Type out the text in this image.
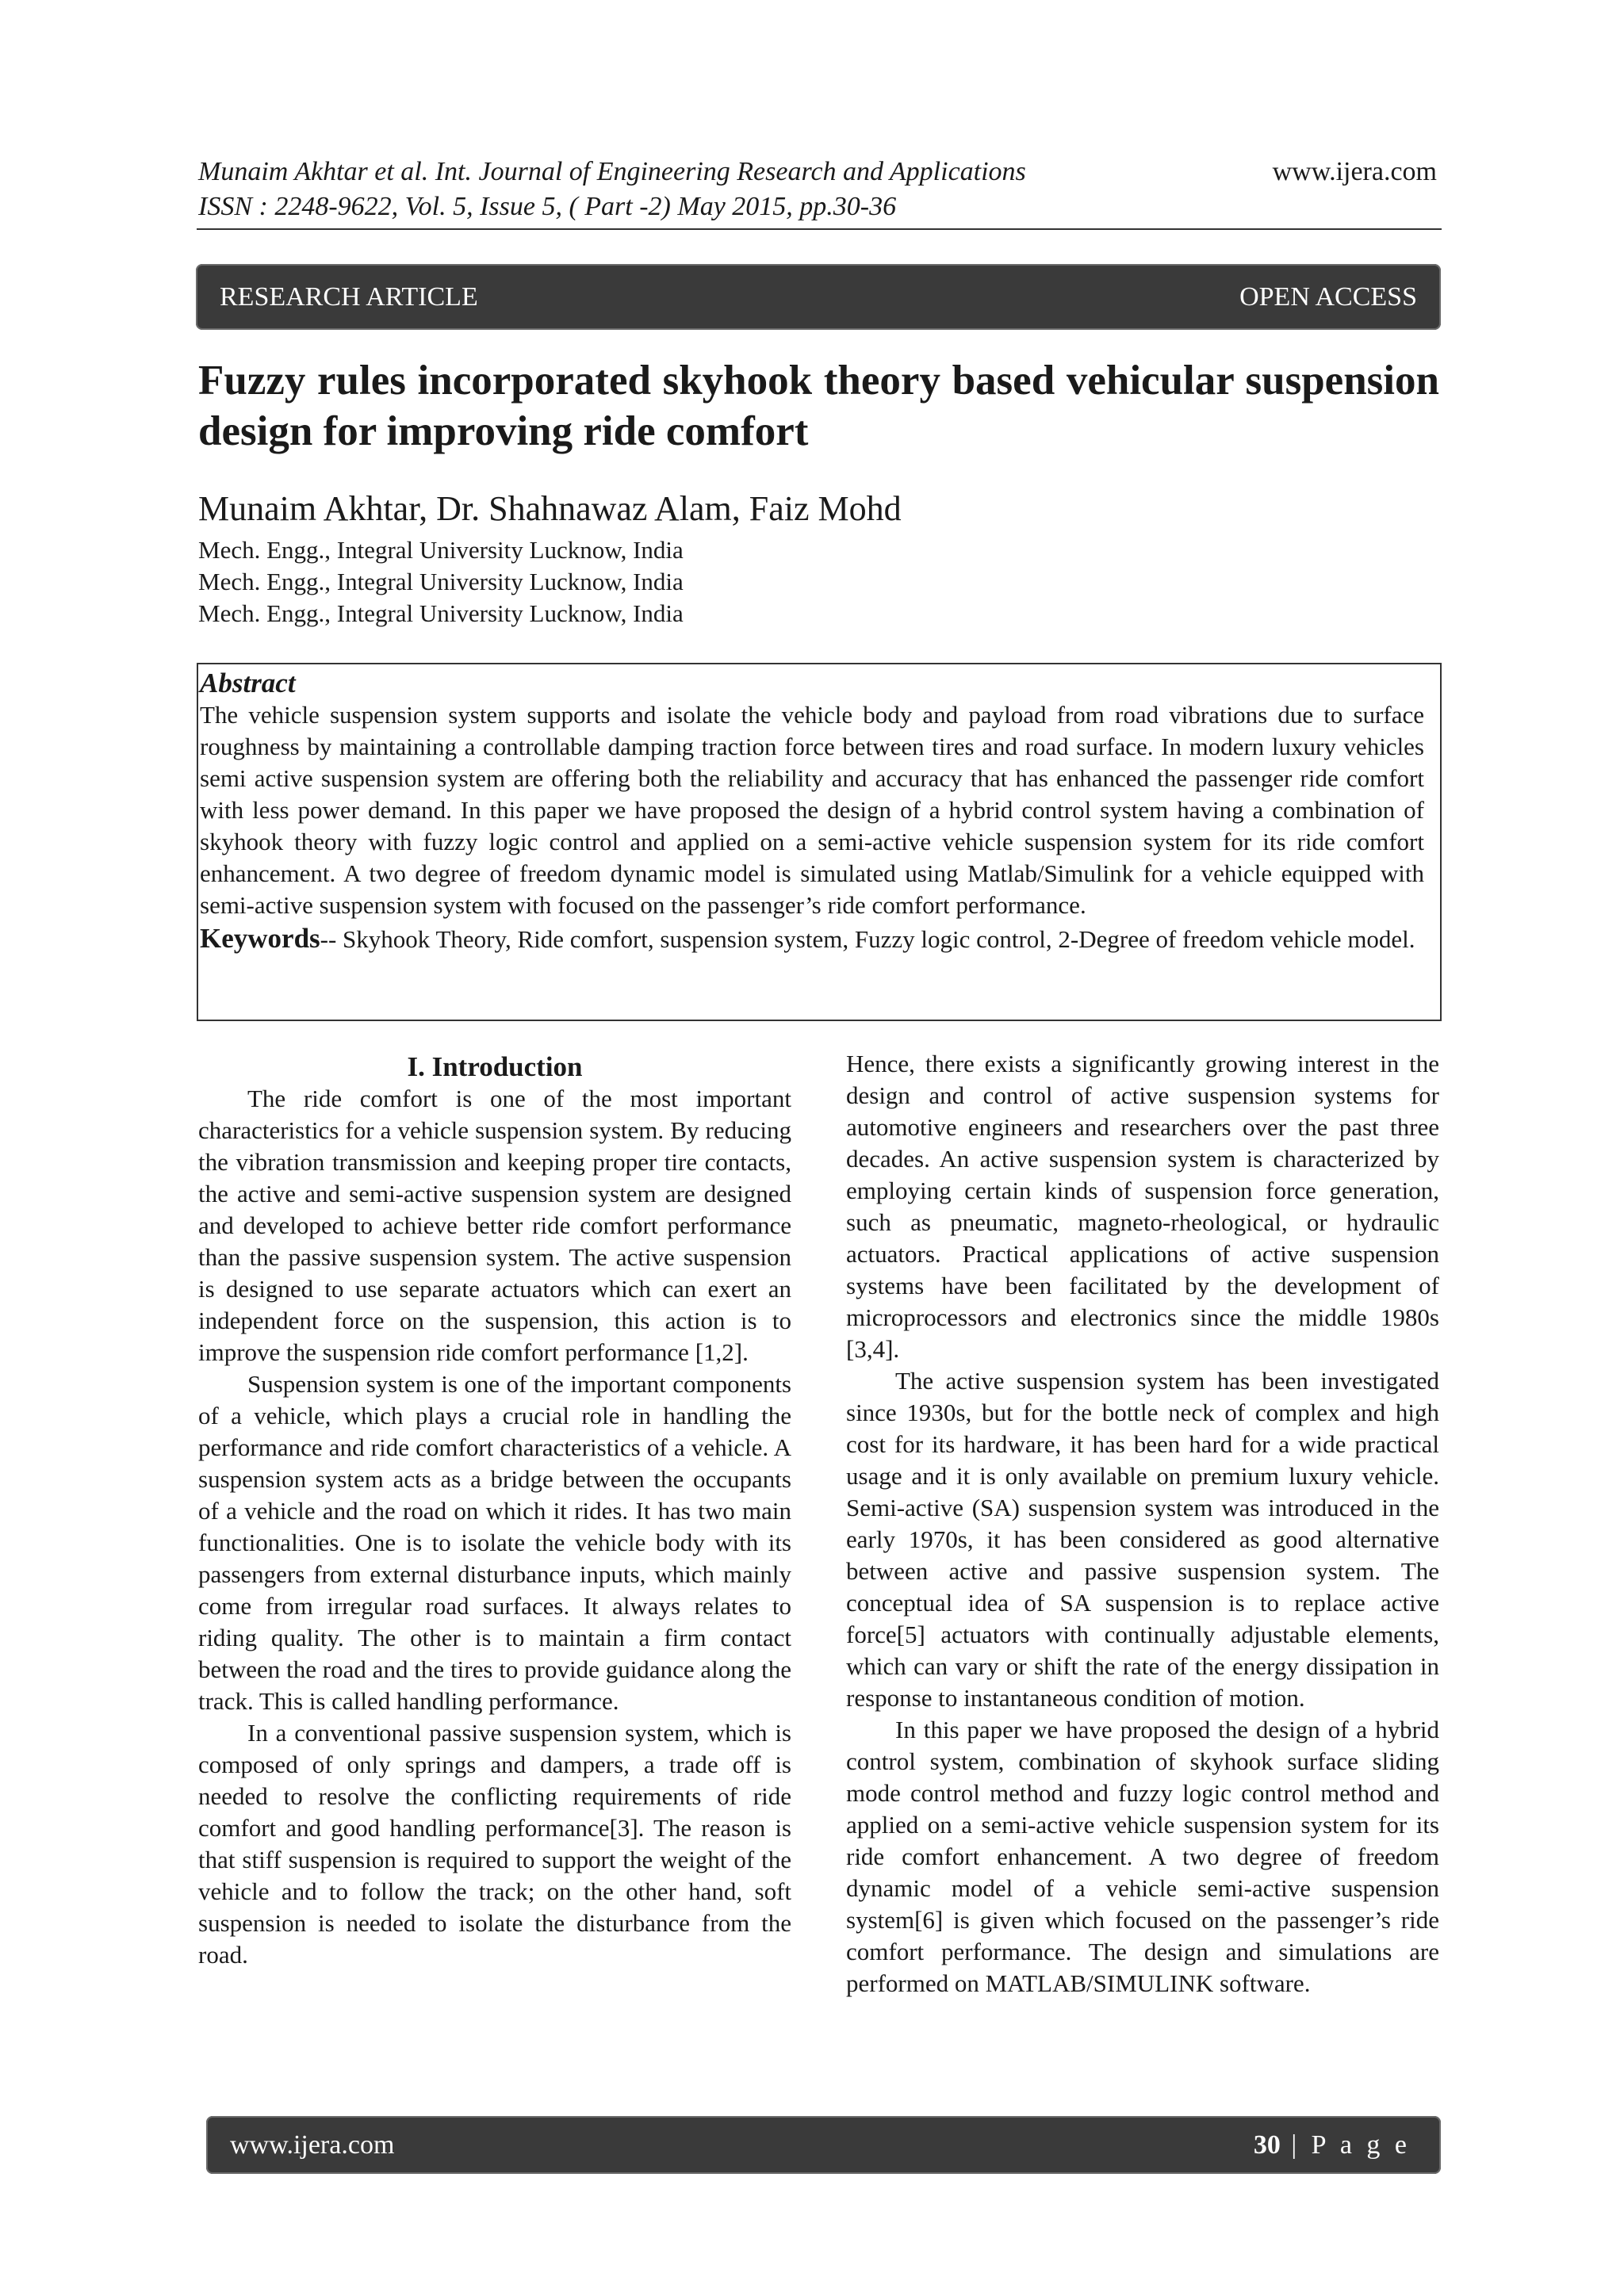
Munaim Akhtar et al. Int. Journal of Engineering Research and Applications
ISSN : 2248-9622, Vol. 5, Issue 5, ( Part -2) May 2015, pp.30-36
www.ijera.com
RESEARCH ARTICLE	OPEN ACCESS
Fuzzy rules incorporated skyhook theory based vehicular suspension design for improving ride comfort
Munaim Akhtar, Dr. Shahnawaz Alam, Faiz Mohd
Mech. Engg., Integral University Lucknow, India
Mech. Engg., Integral University Lucknow, India
Mech. Engg., Integral University Lucknow, India
Abstract
The vehicle suspension system supports and isolate the vehicle body and payload from road vibrations due to surface roughness by maintaining a controllable damping traction force between tires and road surface. In modern luxury vehicles semi active suspension system are offering both the reliability and accuracy that has enhanced the passenger ride comfort with less power demand. In this paper we have proposed the design of a hybrid control system having a combination of skyhook theory with fuzzy logic control and applied on a semi-active vehicle suspension system for its ride comfort enhancement. A two degree of freedom dynamic model is simulated using Matlab/Simulink for a vehicle equipped with semi-active suspension system with focused on the passenger’s ride comfort performance.
Keywords-- Skyhook Theory, Ride comfort, suspension system, Fuzzy logic control, 2-Degree of freedom vehicle model.
I. Introduction

The ride comfort is one of the most important characteristics for a vehicle suspension system. By reducing the vibration transmission and keeping proper tire contacts, the active and semi-active suspension system are designed and developed to achieve better ride comfort performance than the passive suspension system. The active suspension is designed to use separate actuators which can exert an independent force on the suspension, this action is to improve the suspension ride comfort performance [1,2].

Suspension system is one of the important components of a vehicle, which plays a crucial role in handling the performance and ride comfort characteristics of a vehicle. A suspension system acts as a bridge between the occupants of a vehicle and the road on which it rides. It has two main functionalities. One is to isolate the vehicle body with its passengers from external disturbance inputs, which mainly come from irregular road surfaces. It always relates to riding quality. The other is to maintain a firm contact between the road and the tires to provide guidance along the track. This is called handling performance.

In a conventional passive suspension system, which is composed of only springs and dampers, a trade off is needed to resolve the conflicting requirements of ride comfort and good handling performance[3]. The reason is that stiff suspension is required to support the weight of the vehicle and to follow the track; on the other hand, soft suspension is needed to isolate the disturbance from the road.

Hence, there exists a significantly growing interest in the design and control of active suspension systems for automotive engineers and researchers over the past three decades. An active suspension system is characterized by employing certain kinds of suspension force generation, such as pneumatic, magneto-rheological, or hydraulic actuators. Practical applications of active suspension systems have been facilitated by the development of microprocessors and electronics since the middle 1980s [3,4].

The active suspension system has been investigated since 1930s, but for the bottle neck of complex and high cost for its hardware, it has been hard for a wide practical usage and it is only available on premium luxury vehicle. Semi-active (SA) suspension system was introduced in the early 1970s, it has been considered as good alternative between active and passive suspension system. The conceptual idea of SA suspension is to replace active force[5] actuators with continually adjustable elements, which can vary or shift the rate of the energy dissipation in response to instantaneous condition of motion.

In this paper we have proposed the design of a hybrid control system, combination of skyhook surface sliding mode control method and fuzzy logic control method and applied on a semi-active vehicle suspension system for its ride comfort enhancement. A two degree of freedom dynamic model of a vehicle semi-active suspension system[6] is given which focused on the passenger’s ride comfort performance. The design and simulations are performed on MATLAB/SIMULINK software.

www.ijera.com	30 | P a g e
